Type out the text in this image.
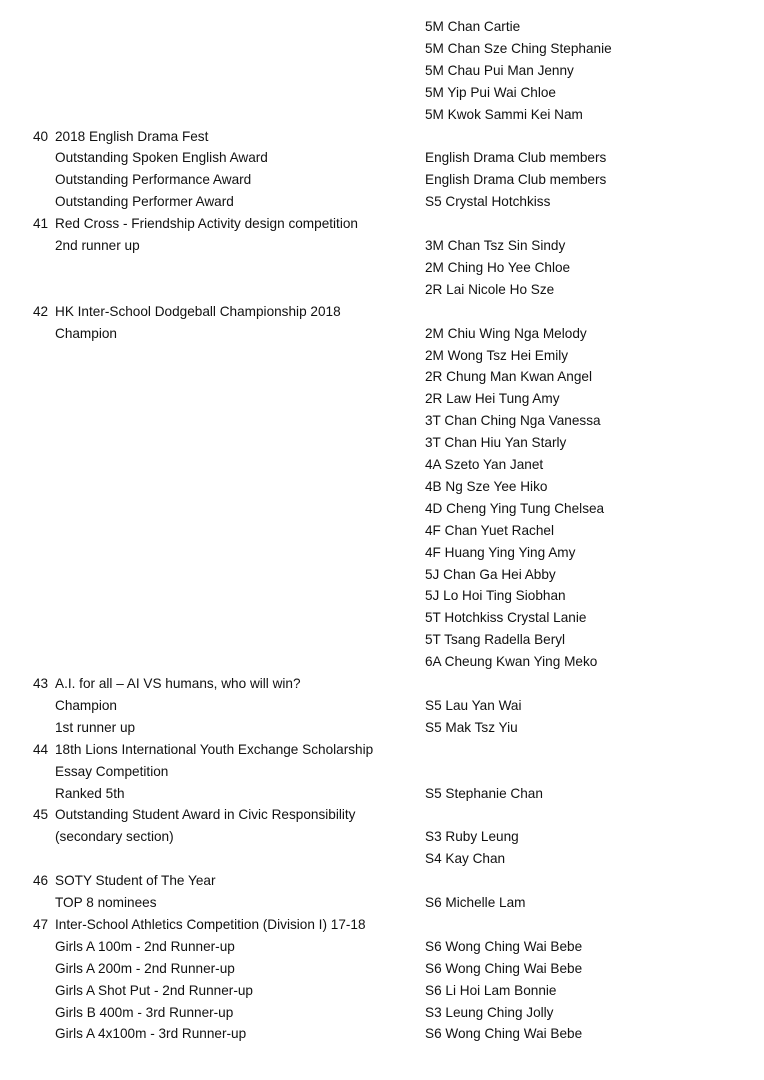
5M Chan Cartie
5M Chan Sze Ching Stephanie
5M Chau Pui Man Jenny
5M Yip Pui Wai Chloe
5M Kwok Sammi Kei Nam
40 2018 English Drama Fest
Outstanding Spoken English Award	English Drama Club members
Outstanding Performance Award	English Drama Club members
Outstanding Performer Award	S5 Crystal Hotchkiss
41 Red Cross - Friendship Activity design competition
2nd runner up	3M Chan Tsz Sin Sindy
2M Ching Ho Yee Chloe
2R Lai Nicole Ho Sze
42 HK Inter-School Dodgeball Championship 2018
Champion	2M Chiu Wing Nga Melody
2M Wong Tsz Hei Emily
2R Chung Man Kwan Angel
2R Law Hei Tung Amy
3T Chan Ching Nga Vanessa
3T Chan Hiu Yan Starly
4A Szeto Yan Janet
4B Ng Sze Yee Hiko
4D Cheng Ying Tung Chelsea
4F Chan Yuet Rachel
4F Huang Ying Ying Amy
5J Chan Ga Hei Abby
5J Lo Hoi Ting Siobhan
5T Hotchkiss Crystal Lanie
5T Tsang Radella Beryl
6A Cheung Kwan Ying Meko
43 A.I. for all – AI VS humans, who will win?
Champion	S5 Lau Yan Wai
1st runner up	S5 Mak Tsz Yiu
44 18th Lions International Youth Exchange Scholarship
Essay Competition
Ranked 5th	S5 Stephanie Chan
45 Outstanding Student Award in Civic Responsibility
(secondary section)	S3 Ruby Leung
S4 Kay Chan
46 SOTY Student of The Year
TOP 8 nominees	S6 Michelle Lam
47 Inter-School Athletics Competition (Division I) 17-18
Girls A 100m - 2nd Runner-up	S6 Wong Ching Wai Bebe
Girls A 200m - 2nd Runner-up	S6 Wong Ching Wai Bebe
Girls A Shot Put - 2nd Runner-up	S6 Li Hoi Lam Bonnie
Girls B 400m - 3rd Runner-up	S3 Leung Ching Jolly
Girls A 4x100m - 3rd Runner-up	S6 Wong Ching Wai Bebe
